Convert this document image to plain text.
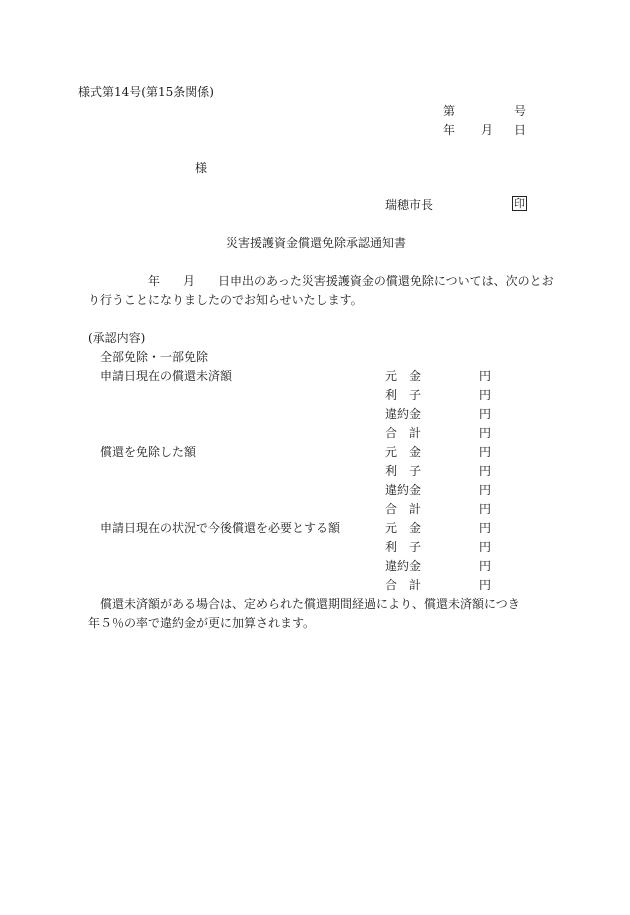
様式第14号(第15条関係)
第	号
年 月 日
様
瑞穂市長	印
災害援護資金償還免除承認通知書
年 月 日申出のあった災害援護資金の償還免除については、次のとお
り行うことになりましたのでお知らせいたします。
(承認内容)
全部免除・一部免除
申請日現在の償還未済額	元　金	円
利　子	円
違約金	円
合　計	円
償還を免除した額	元　金	円
利　子	円
違約金	円
合　計	円
申請日現在の状況で今後償還を必要とする額	元　金	円
利　子	円
違約金	円
合　計	円
償還未済額がある場合は、定められた償還期間経過により、償還未済額につき
年５％の率で違約金が更に加算されます。
